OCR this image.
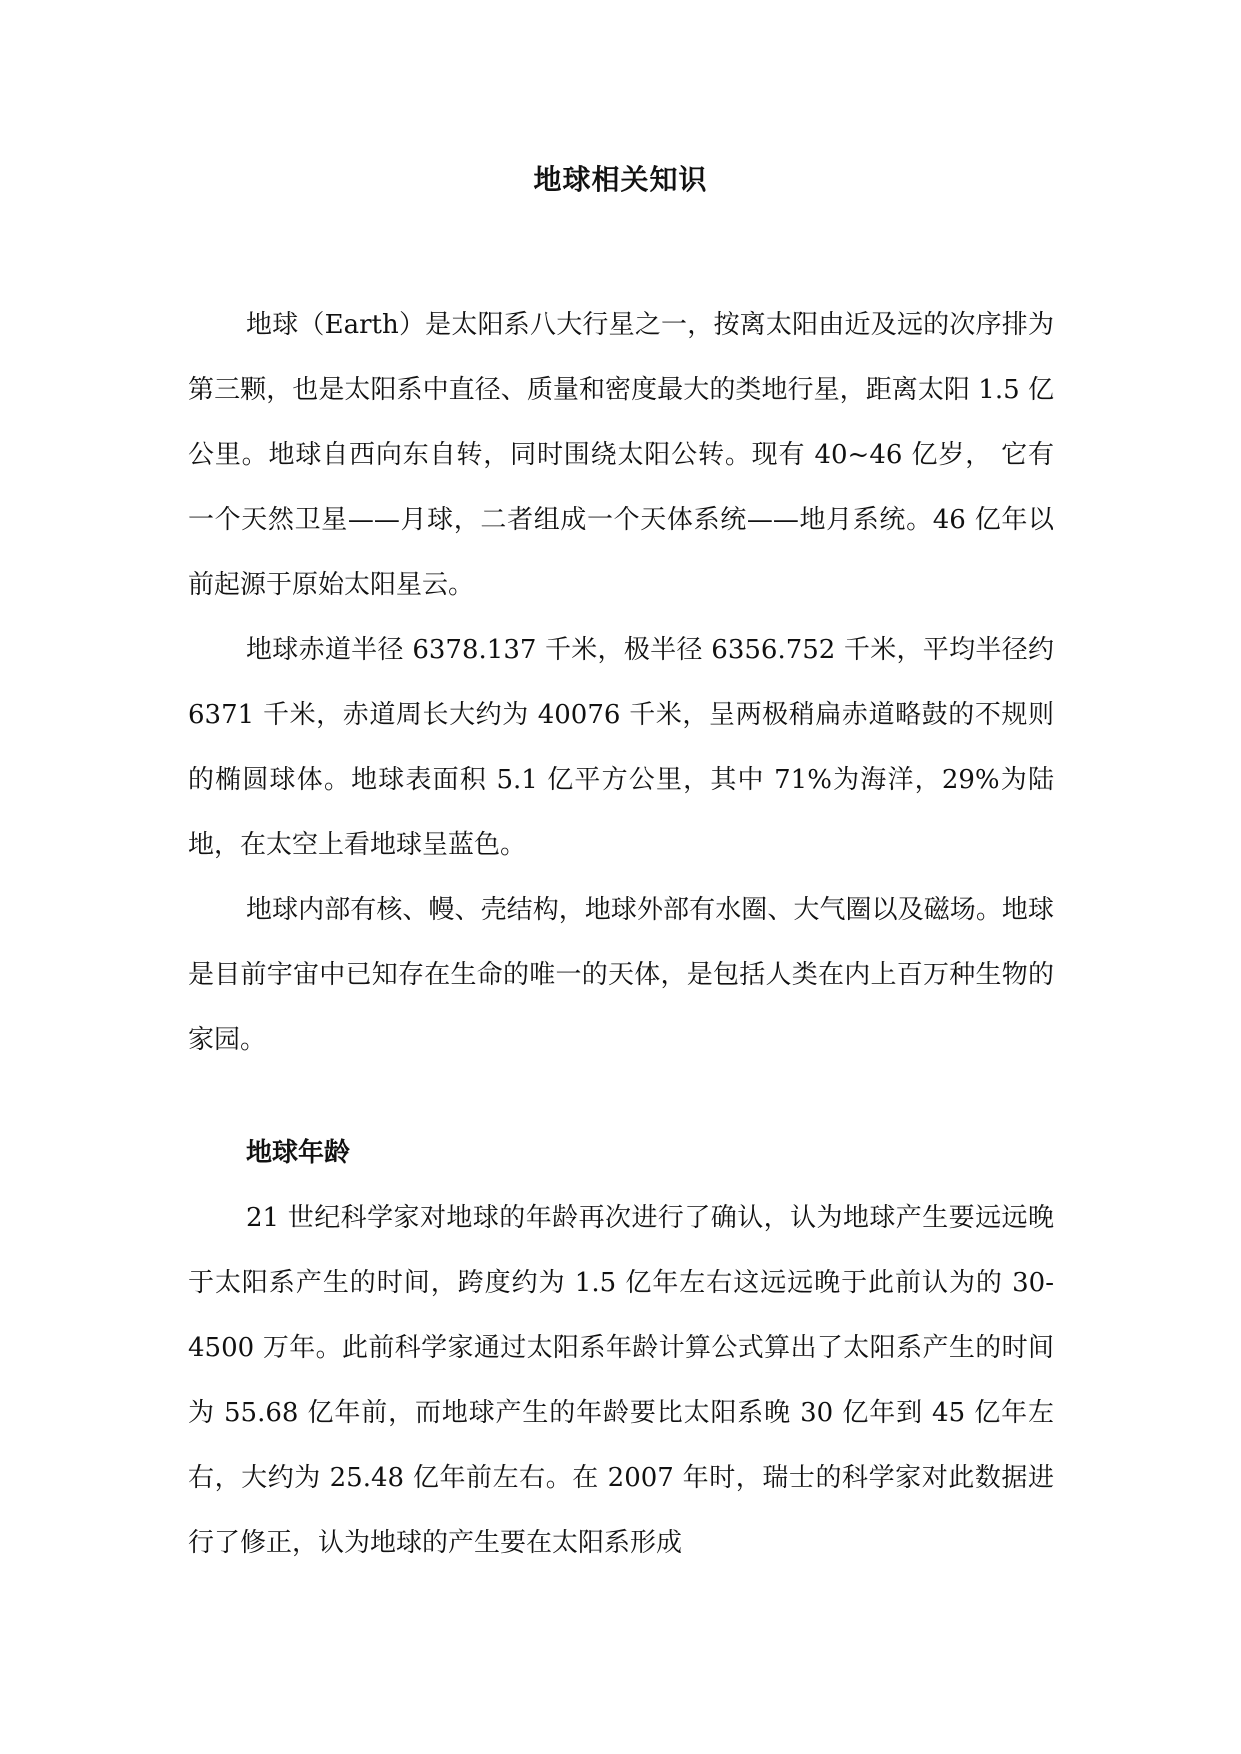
地球相关知识

地球（Earth）是太阳系八大行星之一，按离太阳由近及远的次序排为第三颗，也是太阳系中直径、质量和密度最大的类地行星，距离太阳 1.5 亿公里。地球自西向东自转，同时围绕太阳公转。现有 40~46 亿岁， 它有一个天然卫星——月球，二者组成一个天体系统——地月系统。46 亿年以前起源于原始太阳星云。

地球赤道半径 6378.137 千米，极半径 6356.752 千米，平均半径约 6371 千米，赤道周长大约为 40076 千米，呈两极稍扁赤道略鼓的不规则的椭圆球体。地球表面积 5.1 亿平方公里，其中 71%为海洋，29%为陆地，在太空上看地球呈蓝色。

地球内部有核、幔、壳结构，地球外部有水圈、大气圈以及磁场。地球是目前宇宙中已知存在生命的唯一的天体，是包括人类在内上百万种生物的家园。

地球年龄

21 世纪科学家对地球的年龄再次进行了确认，认为地球产生要远远晚于太阳系产生的时间，跨度约为 1.5 亿年左右这远远晚于此前认为的 30-4500 万年。此前科学家通过太阳系年龄计算公式算出了太阳系产生的时间为 55.68 亿年前，而地球产生的年龄要比太阳系晚 30 亿年到 45 亿年左右，大约为 25.48 亿年前左右。在 2007 年时，瑞士的科学家对此数据进行了修正，认为地球的产生要在太阳系形成
